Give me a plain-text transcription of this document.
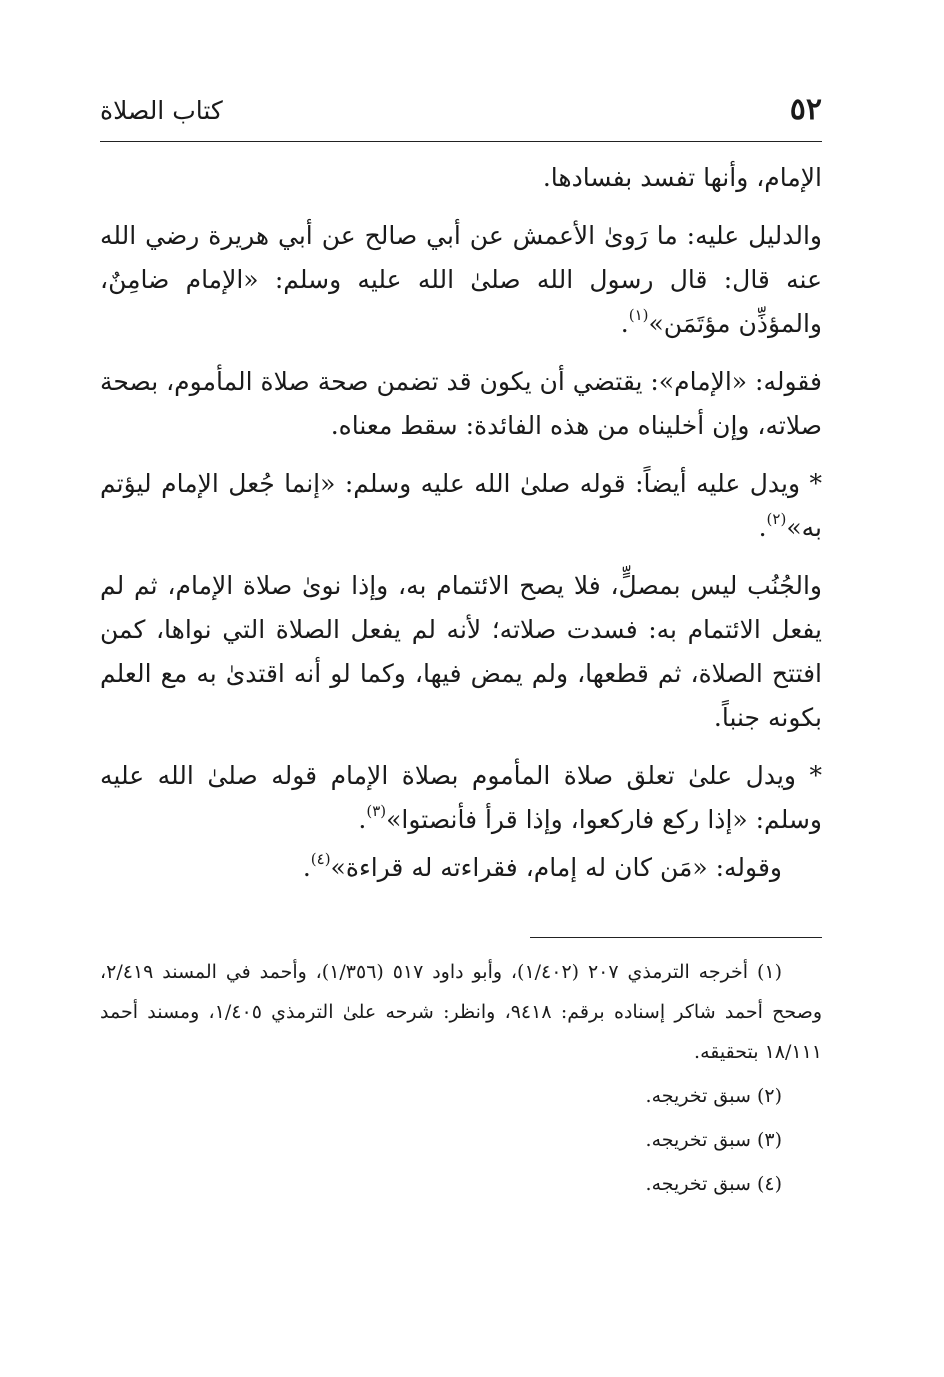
٥٢
كتاب الصلاة

الإمام، وأنها تفسد بفسادها.

والدليل عليه: ما رَوىٰ الأعمش عن أبي صالح عن أبي هريرة رضي الله عنه قال: قال رسول الله صلىٰ الله عليه وسلم: «الإمام ضامِنٌ، والمؤذِّن مؤتَمَن»$^{(١)}$.

فقوله: «الإمام»: يقتضي أن يكون قد تضمن صحة صلاة المأموم، بصحة صلاته، وإن أخليناه من هذه الفائدة: سقط معناه.

* ويدل عليه أيضاً: قوله صلىٰ الله عليه وسلم: «إنما جُعل الإمام ليؤتم به»$^{(٢)}$.

والجُنُب ليس بمصلٍّ، فلا يصح الائتمام به، وإذا نوىٰ صلاة الإمام، ثم لم يفعل الائتمام به: فسدت صلاته؛ لأنه لم يفعل الصلاة التي نواها، كمن افتتح الصلاة، ثم قطعها، ولم يمض فيها، وكما لو أنه اقتدىٰ به مع العلم بكونه جنباً.

* ويدل علىٰ تعلق صلاة المأموم بصلاة الإمام قوله صلىٰ الله عليه وسلم: «إذا ركع فاركعوا، وإذا قرأ فأنصتوا»$^{(٣)}$.

وقوله: «مَن كان له إمام، فقراءته له قراءة»$^{(٤)}$.

(١) أخرجه الترمذي ٢٠٧ (١/٤٠٢)، وأبو داود ٥١٧ (١/٣٥٦)، وأحمد في المسند ٢/٤١٩، وصحح أحمد شاكر إسناده برقم: ٩٤١٨، وانظر: شرحه علىٰ الترمذي ١/٤٠٥، ومسند أحمد ١٨/١١١ بتحقيقه.

(٢) سبق تخريجه.

(٣) سبق تخريجه.

(٤) سبق تخريجه.
